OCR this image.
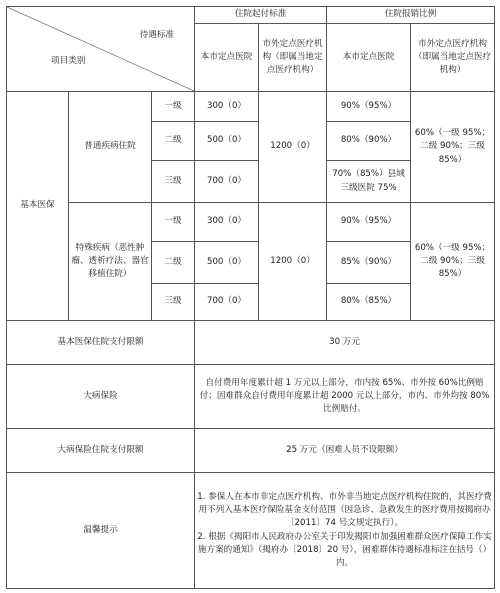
待遇标准
项目类别			住院起付标准		住院报销比例	
			本市定点医院	市外定点医疗机构（即属当地定点医疗机构）	本市定点医院	市外定点医疗机构（即属当地定点医疗机构）
基本医保	普通疾病住院	一级	300（0）	1200（0）	90%（95%）	60%（一级 95%；二级 90%；三级 85%）
		二级	500（0）		80%（90%）	
		三级	700（0）		70%（85%）县域三级医院 75%	
	特殊疾病（恶性肿瘤、透析疗法、器官移植住院）	一级	300（0）	1200（0）	90%（95%）	60%（一级 95%；二级 90%；三级 85%）
		二级	500（0）		85%（90%）	
		三级	700（0）		80%（85%）	
基本医保住院支付限额			30 万元			
大病保险			自付费用年度累计超 1 万元以上部分，市内按 65%、市外按 60%比例赔付；因难群众自付费用年度累计超 2000 元以上部分，市内、市外均按 80%比例赔付。			
大病保险住院支付限额			25 万元（困难人员不设限额）			
温馨提示			1. 参保人在本市非定点医疗机构、市外非当地定点医疗机构住院的，其医疗费用不列入基本医疗保险基金支付范围（因急诊、急救发生的医疗费用按揭府办〔2011〕74 号文规定执行）。
2. 根据《揭阳市人民政府办公室关于印发揭阳市加强困难群众医疗保障工作实施方案的通知》（揭府办〔2018〕20 号），困难群体待遇标准标注在括号（）内。			
